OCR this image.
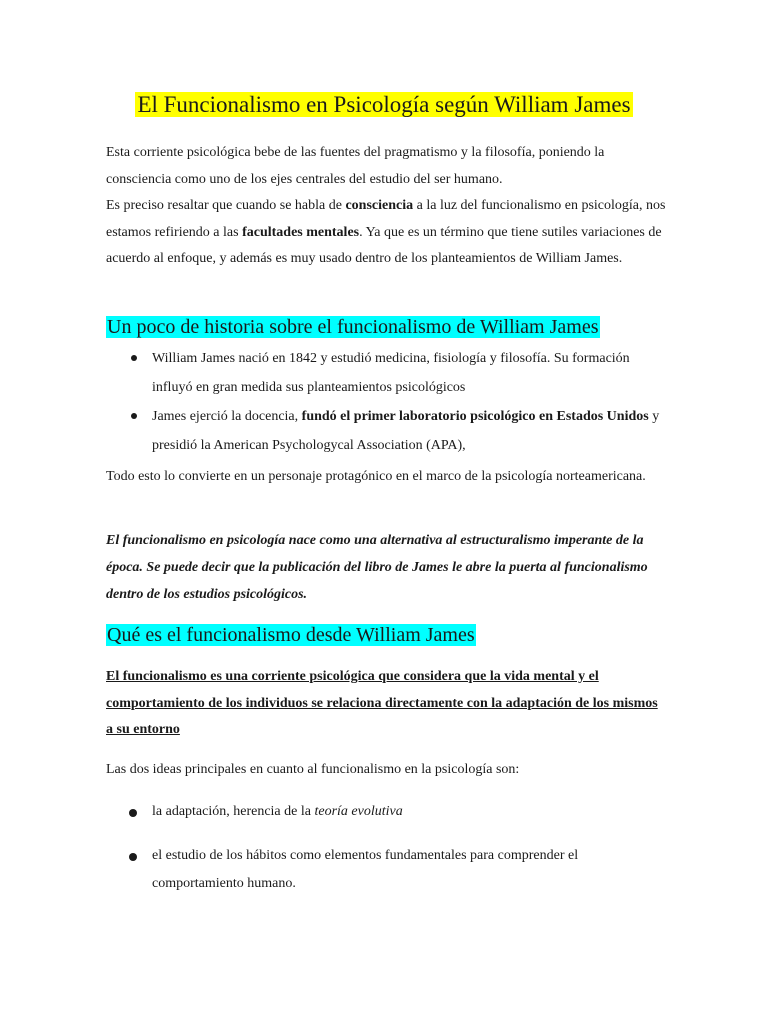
El Funcionalismo en Psicología según William James

Esta corriente psicológica bebe de las fuentes del pragmatismo y la filosofía, poniendo la consciencia como uno de los ejes centrales del estudio del ser humano.
Es preciso resaltar que cuando se habla de consciencia a la luz del funcionalismo en psicología, nos estamos refiriendo a las facultades mentales. Ya que es un término que tiene sutiles variaciones de acuerdo al enfoque, y además es muy usado dentro de los planteamientos de William James.

Un poco de historia sobre el funcionalismo de William James
William James nació en 1842 y estudió medicina, fisiología y filosofía. Su formación influyó en gran medida sus planteamientos psicológicos
James ejerció la docencia, fundó el primer laboratorio psicológico en Estados Unidos y presidió la American Psychologycal Association (APA),

Todo esto lo convierte en un personaje protagónico en el marco de la psicología norteamericana.

El funcionalismo en psicología nace como una alternativa al estructuralismo imperante de la época. Se puede decir que la publicación del libro de James le abre la puerta al funcionalismo dentro de los estudios psicológicos.

Qué es el funcionalismo desde William James

El funcionalismo es una corriente psicológica que considera que la vida mental y el comportamiento de los individuos se relaciona directamente con la adaptación de los mismos a su entorno

Las dos ideas principales en cuanto al funcionalismo en la psicología son:

la adaptación, herencia de la teoría evolutiva
el estudio de los hábitos como elementos fundamentales para comprender el comportamiento humano.
